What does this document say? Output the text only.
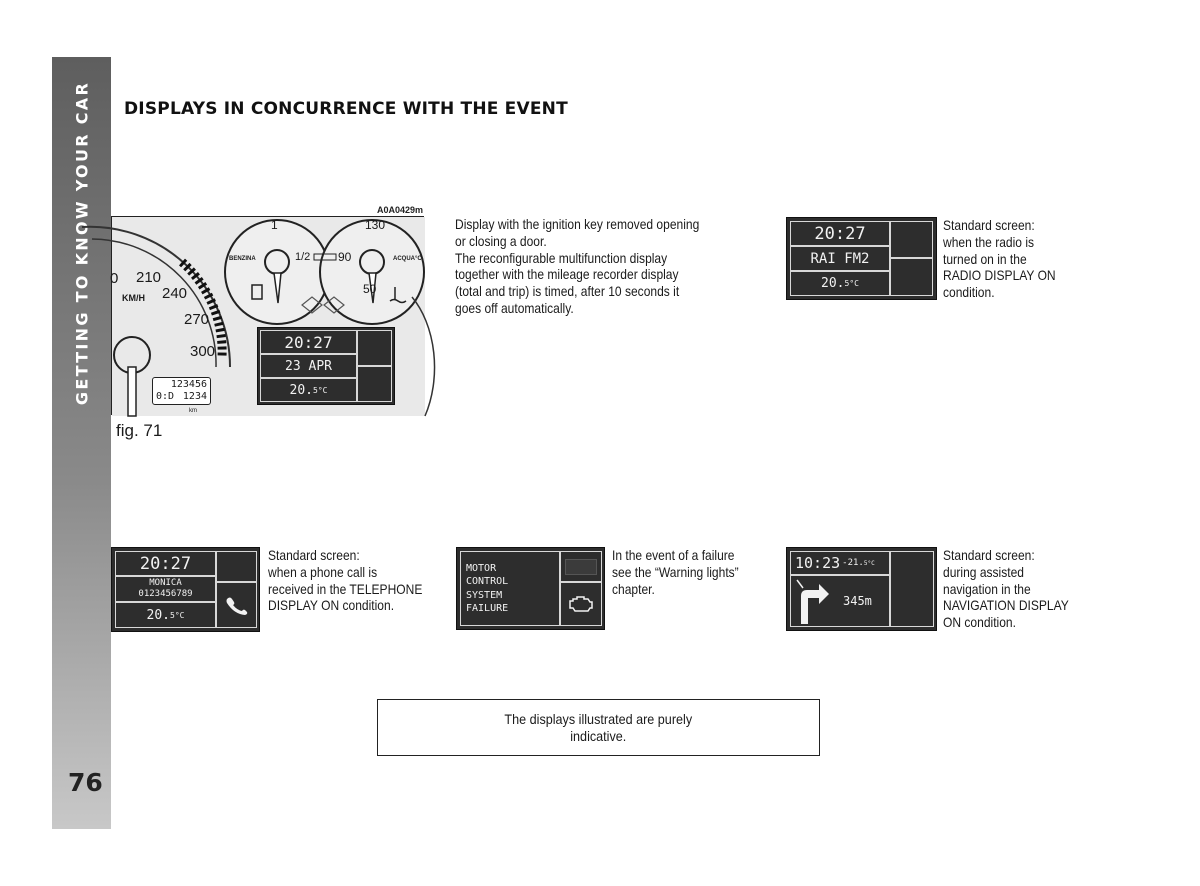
GETTING TO KNOW YOUR CAR
76
DISPLAYS IN CONCURRENCE WITH THE EVENT
A0A0429m
0 210
240
270
300
KM/H
BENZINA	1/2
1
ACQUA°C
130
90
50
123456
0:D 1234
km
20:27
23 APR
20. 5°C
fig. 71
Display with the ignition key removed opening
or closing a door.
The reconfigurable multifunction display
together with the mileage recorder display
(total and trip) is timed, after 10 seconds it
goes off automatically.
20:27
RAI FM2
20. 5°C
Standard screen:
when the radio is
turned on in the
RADIO DISPLAY ON
condition.
20:27
MONICA
0123456789
20. 5°C
Standard screen:
when a phone call is
received in the TELEPHONE
DISPLAY ON condition.
MOTOR
CONTROL
SYSTEM
FAILURE
In the event of a failure
see the “Warning lights”
chapter.
10:23 -21. 5°C
345m
Standard screen:
during assisted
navigation in the
NAVIGATION DISPLAY
ON condition.
The displays illustrated are purely
indicative.
